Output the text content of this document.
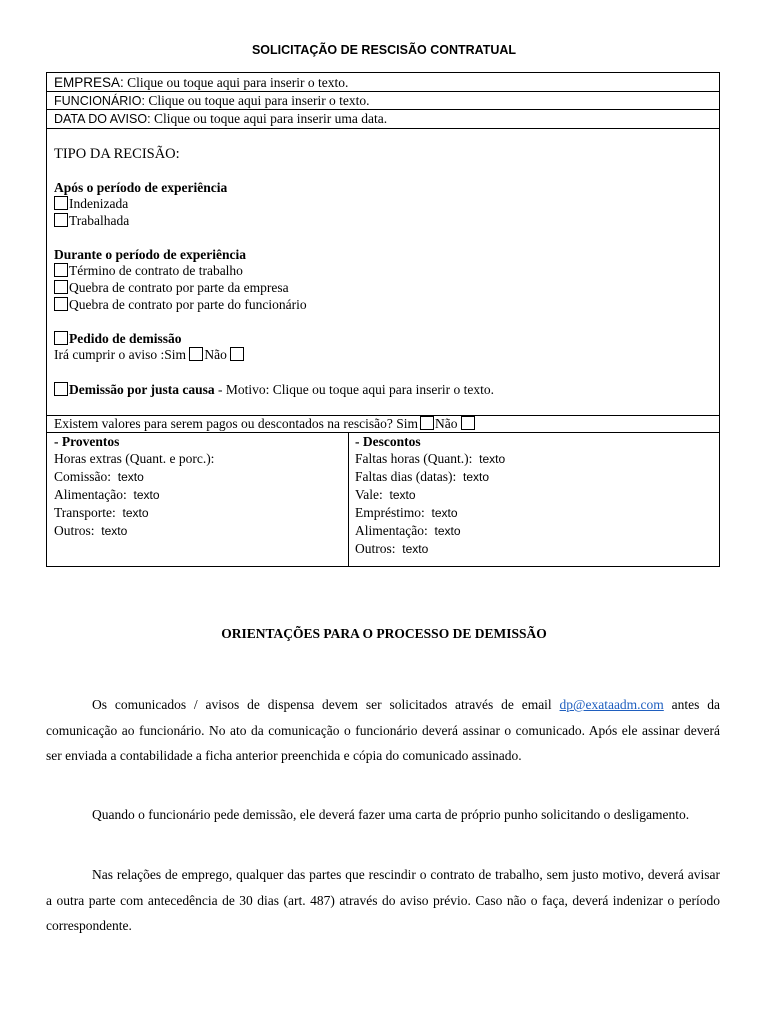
SOLICITAÇÃO DE RESCISÃO CONTRATUAL
EMPRESA: Clique ou toque aqui para inserir o texto.
FUNCIONÁRIO: Clique ou toque aqui para inserir o texto.
DATA DO AVISO: Clique ou toque aqui para inserir uma data.
TIPO DA RECISÃO:
Após o período de experiência
Indenizada
Trabalhada
Durante o período de experiência
Término de contrato de trabalho
Quebra de contrato por parte da empresa
Quebra de contrato por parte do funcionário
Pedido de demissão
Irá cumprir o aviso :Sim Não
Demissão por justa causa - Motivo: Clique ou toque aqui para inserir o texto.
Existem valores para serem pagos ou descontados na rescisão? Sim Não
- Proventos
Horas extras (Quant. e porc.):
Comissão: texto
Alimentação: texto
Transporte: texto
Outros: texto
- Descontos
Faltas horas (Quant.): texto
Faltas dias (datas): texto
Vale: texto
Empréstimo: texto
Alimentação: texto
Outros: texto
ORIENTAÇÕES PARA O PROCESSO DE DEMISSÃO

Os comunicados / avisos de dispensa devem ser solicitados através de email dp@exataadm.com antes da comunicação ao funcionário. No ato da comunicação o funcionário deverá assinar o comunicado. Após ele assinar deverá ser enviada a contabilidade a ficha anterior preenchida e cópia do comunicado assinado.

Quando o funcionário pede demissão, ele deverá fazer uma carta de próprio punho solicitando o desligamento.

Nas relações de emprego, qualquer das partes que rescindir o contrato de trabalho, sem justo motivo, deverá avisar a outra parte com antecedência de 30 dias (art. 487) através do aviso prévio. Caso não o faça, deverá indenizar o período correspondente.
